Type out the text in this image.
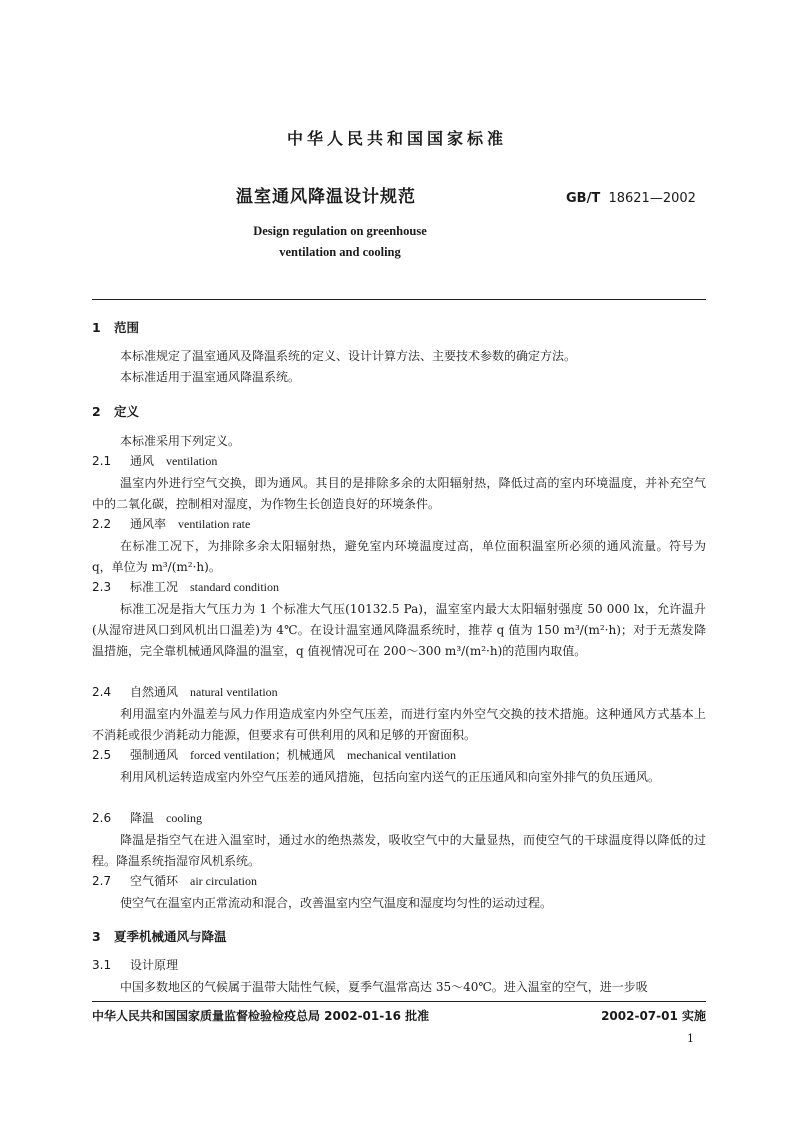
中华人民共和国国家标准
温室通风降温设计规范	GB/T 18621—2002
Design regulation on greenhouse
ventilation and cooling
1 范围
本标准规定了温室通风及降温系统的定义、设计计算方法、主要技术参数的确定方法。
本标准适用于温室通风降温系统。
2 定义
本标准采用下列定义。
2.1 通风 ventilation
温室内外进行空气交换，即为通风。其目的是排除多余的太阳辐射热，降低过高的室内环境温度，并补充空气中的二氧化碳，控制相对湿度，为作物生长创造良好的环境条件。
2.2 通风率 ventilation rate
在标准工况下，为排除多余太阳辐射热，避免室内环境温度过高，单位面积温室所必须的通风流量。符号为 q，单位为 m³/(m²·h)。
2.3 标准工况 standard condition
标准工况是指大气压力为 1 个标准大气压(10132.5 Pa)，温室室内最大太阳辐射强度 50 000 lx，允许温升(从湿帘进风口到风机出口温差)为 4℃。在设计温室通风降温系统时，推荐 q 值为 150 m³/(m²·h)；对于无蒸发降温措施，完全靠机械通风降温的温室，q 值视情况可在 200～300 m³/(m²·h)的范围内取值。
2.4 自然通风 natural ventilation
利用温室内外温差与风力作用造成室内外空气压差，而进行室内外空气交换的技术措施。这种通风方式基本上不消耗或很少消耗动力能源，但要求有可供利用的风和足够的开窗面积。
2.5 强制通风 forced ventilation；机械通风　mechanical ventilation
利用风机运转造成室内外空气压差的通风措施，包括向室内送气的正压通风和向室外排气的负压通风。
2.6 降温 cooling
降温是指空气在进入温室时，通过水的绝热蒸发，吸收空气中的大量显热，而使空气的干球温度得以降低的过程。降温系统指湿帘风机系统。
2.7 空气循环 air circulation
使空气在温室内正常流动和混合，改善温室内空气温度和湿度均匀性的运动过程。
3 夏季机械通风与降温
3.1 设计原理
中国多数地区的气候属于温带大陆性气候，夏季气温常高达 35～40℃。进入温室的空气，进一步吸
中华人民共和国国家质量监督检验检疫总局 2002-01-16 批准	2002-07-01 实施
1
